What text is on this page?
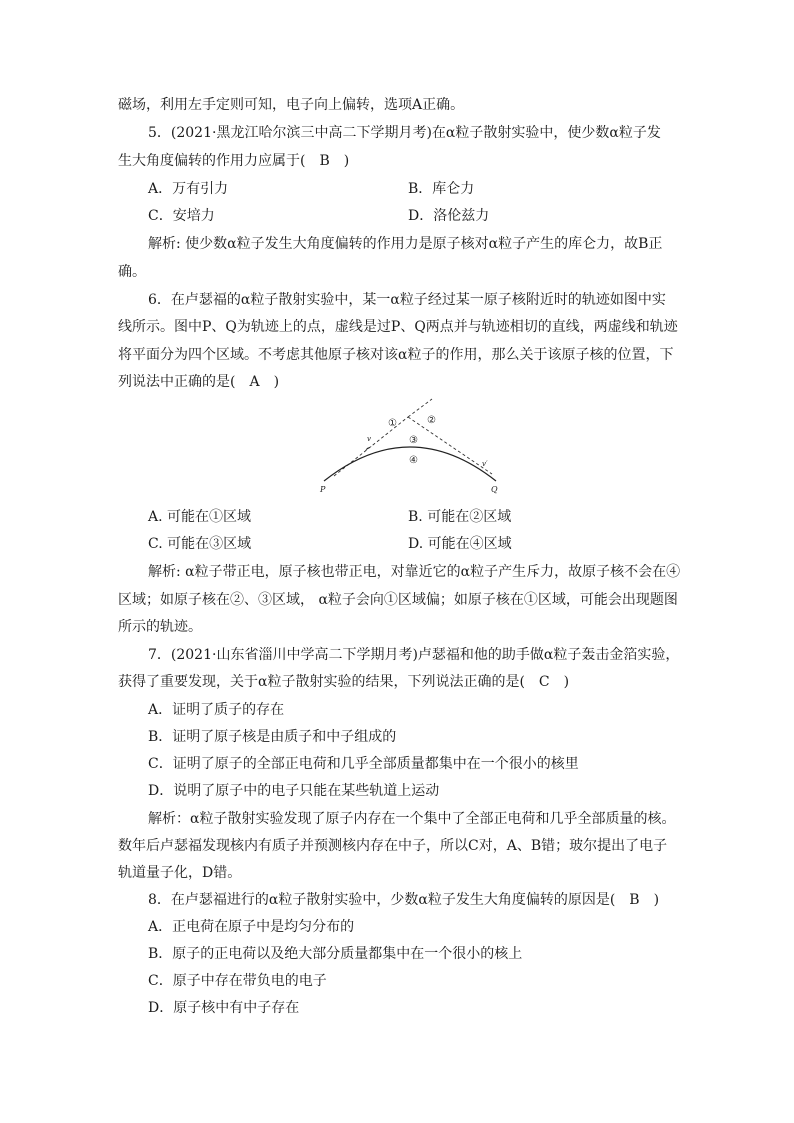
磁场，利用左手定则可知，电子向上偏转，选项A正确。
5．(2021·黑龙江哈尔滨三中高二下学期月考)在α粒子散射实验中，使少数α粒子发
生大角度偏转的作用力应属于(　B　)
A．万有引力	B．库仑力
C．安培力	D．洛伦兹力
解析: 使少数α粒子发生大角度偏转的作用力是原子核对α粒子产生的库仑力，故B正
确。
6．在卢瑟福的α粒子散射实验中，某一α粒子经过某一原子核附近时的轨迹如图中实
线所示。图中P、Q为轨迹上的点，虚线是过P、Q两点并与轨迹相切的直线，两虚线和轨迹
将平面分为四个区域。不考虑其他原子核对该α粒子的作用，那么关于该原子核的位置，下
列说法中正确的是(　A　)
P	Q
v
v′
①	②
③
④
A. 可能在①区域	B. 可能在②区域
C. 可能在③区域	D. 可能在④区域
解析: α粒子带正电，原子核也带正电，对靠近它的α粒子产生斥力，故原子核不会在④
区域；如原子核在②、③区域， α粒子会向①区域偏；如原子核在①区域，可能会出现题图
所示的轨迹。
7．(2021·山东省淄川中学高二下学期月考)卢瑟福和他的助手做α粒子轰击金箔实验，
获得了重要发现，关于α粒子散射实验的结果，下列说法正确的是(　C　)
A．证明了质子的存在
B．证明了原子核是由质子和中子组成的
C．证明了原子的全部正电荷和几乎全部质量都集中在一个很小的核里
D．说明了原子中的电子只能在某些轨道上运动
解析：α粒子散射实验发现了原子内存在一个集中了全部正电荷和几乎全部质量的核。
数年后卢瑟福发现核内有质子并预测核内存在中子，所以C对，A、B错；玻尔提出了电子
轨道量子化，D错。
8．在卢瑟福进行的α粒子散射实验中，少数α粒子发生大角度偏转的原因是(　B　)
A．正电荷在原子中是均匀分布的
B．原子的正电荷以及绝大部分质量都集中在一个很小的核上
C．原子中存在带负电的电子
D．原子核中有中子存在
